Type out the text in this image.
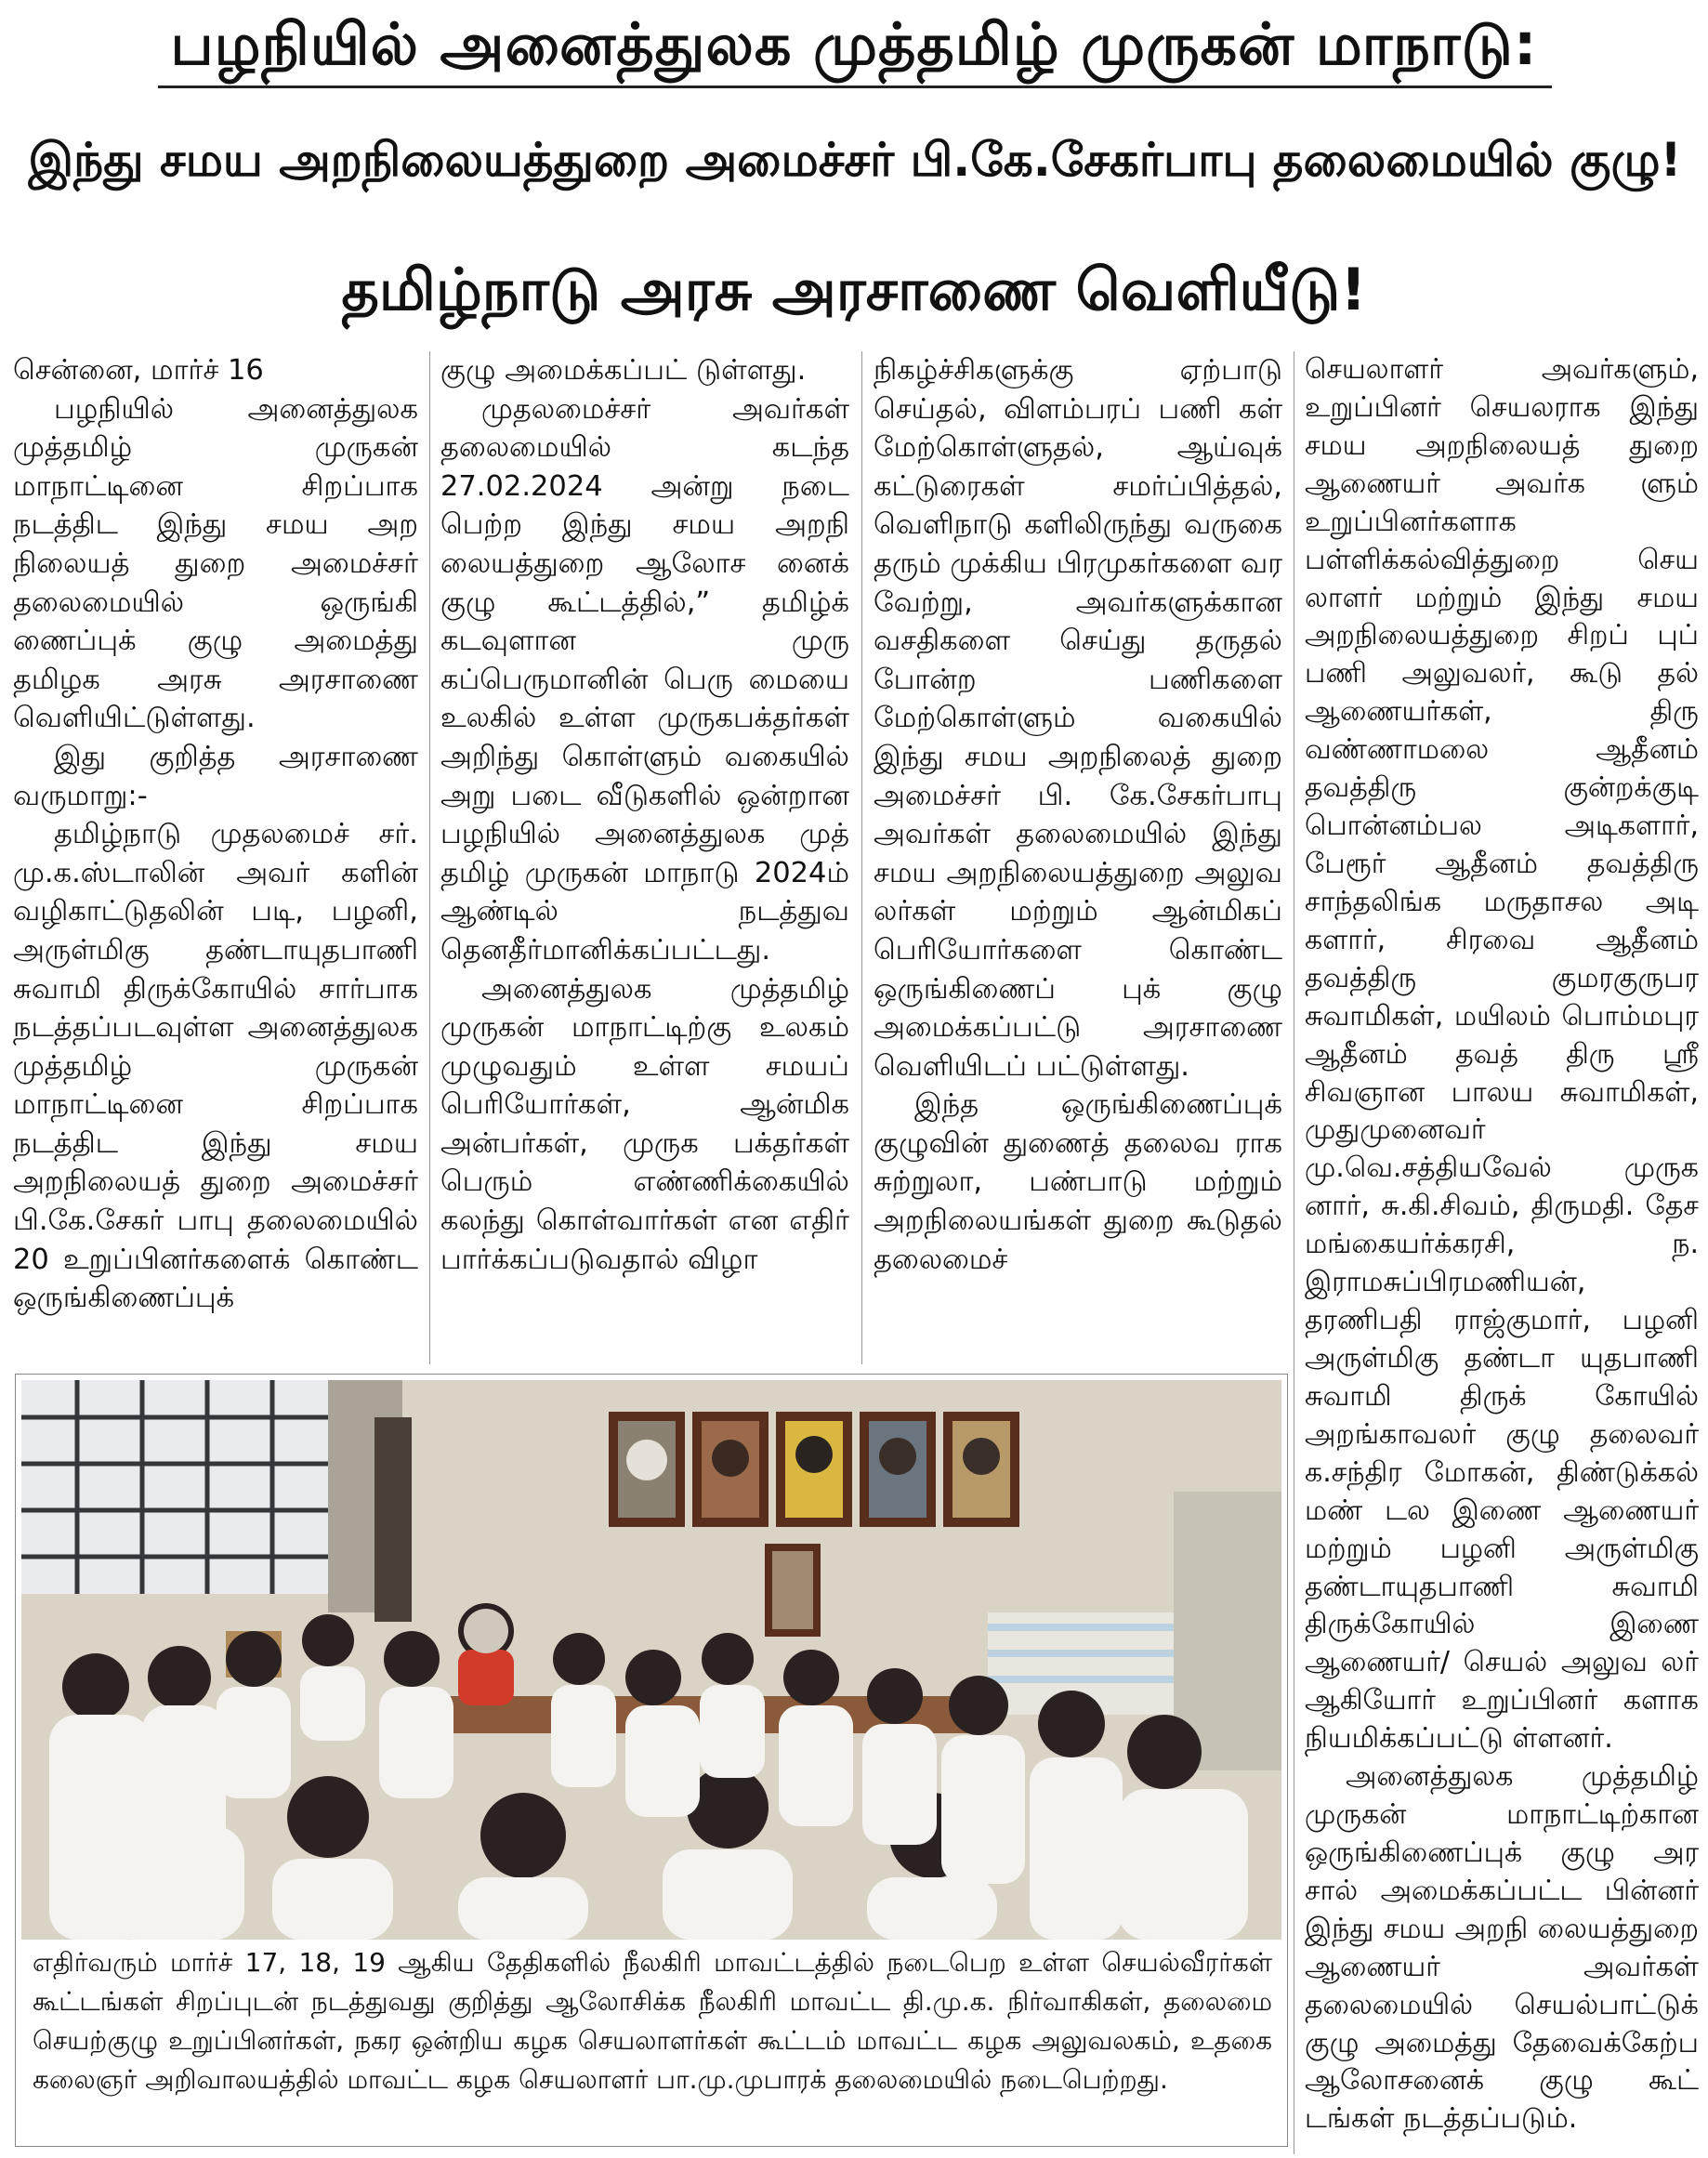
பழநியில் அனைத்துலக முத்தமிழ் முருகன் மாநாடு:
இந்து சமய அறநிலையத்துறை அமைச்சர் பி.கே.சேகர்பாபு தலைமையில் குழு!
தமிழ்நாடு அரசு அரசாணை வெளியீடு!

சென்னை, மார்ச் 16

பழநியில் அனைத்துலக முத்தமிழ் முருகன் மாநாட்டினை சிறப்பாக நடத்திட இந்து சமய அற நிலையத் துறை அமைச்சர் தலைமையில் ஒருங்கி ணைப்புக் குழு அமைத்து தமிழக அரசு அரசாணை வெளியிட்டுள்ளது.

இது குறித்த அரசாணை வருமாறு:-

தமிழ்நாடு முதலமைச் சர். மு.க.ஸ்டாலின் அவர் களின் வழிகாட்டுதலின் படி, பழனி, அருள்மிகு தண்டாயுதபாணி சுவாமி திருக்கோயில் சார்பாக நடத்தப்படவுள்ள அனைத்துலக முத்தமிழ் முருகன் மாநாட்டினை சிறப்பாக நடத்திட இந்து சமய அறநிலையத் துறை அமைச்சர் பி.கே.சேகர் பாபு தலைமையில் 20 உறுப்பினர்களைக் கொண்ட ஒருங்கிணைப்புக்

குழு அமைக்கப்பட் டுள்ளது.

முதலமைச்சர் அவர்கள் தலைமையில் கடந்த 27.02.2024 அன்று நடை பெற்ற இந்து சமய அறநி லையத்துறை ஆலோச னைக் குழு கூட்டத்தில்,” தமிழ்க் கடவுளான முரு கப்பெருமானின் பெரு மையை உலகில் உள்ள முருகபக்தர்கள் அறிந்து கொள்ளும் வகையில் அறு படை வீடுகளில் ஒன்றான பழநியில் அனைத்துலக முத் தமிழ் முருகன் மாநாடு 2024ம் ஆண்டில் நடத்துவ தெனதீர்மானிக்கப்பட்டது.

அனைத்துலக முத்தமிழ் முருகன் மாநாட்டிற்கு உலகம் முழுவதும் உள்ள சமயப் பெரியோர்கள், ஆன்மிக அன்பர்கள், முருக பக்தர்கள் பெரும் எண்ணிக்கையில் கலந்து கொள்வார்கள் என எதிர் பார்க்கப்படுவதால் விழா

நிகழ்ச்சிகளுக்கு ஏற்பாடு செய்தல், விளம்பரப் பணி கள் மேற்கொள்ளுதல், ஆய்வுக் கட்டுரைகள் சமர்ப்பித்தல், வெளிநாடு களிலிருந்து வருகை தரும் முக்கிய பிரமுகர்களை வர வேற்று, அவர்களுக்கான வசதிகளை செய்து தருதல் போன்ற பணிகளை மேற்கொள்ளும் வகையில் இந்து சமய அறநிலைத் துறை அமைச்சர் பி. கே.சேகர்பாபு அவர்கள் தலைமையில் இந்து சமய அறநிலையத்துறை அலுவ லர்கள் மற்றும் ஆன்மிகப் பெரியோர்களை கொண்ட ஒருங்கிணைப் புக் குழு அமைக்கப்பட்டு அரசாணை வெளியிடப் பட்டுள்ளது.

இந்த ஒருங்கிணைப்புக் குழுவின் துணைத் தலைவ ராக சுற்றுலா, பண்பாடு மற்றும் அறநிலையங்கள் துறை கூடுதல் தலைமைச்

செயலாளர் அவர்களும், உறுப்பினர் செயலராக இந்து சமய அறநிலையத் துறை ஆணையர் அவர்க ளும் உறுப்பினர்களாக பள்ளிக்கல்வித்துறை செய லாளர் மற்றும் இந்து சமய அறநிலையத்துறை சிறப் புப் பணி அலுவலர், கூடு தல் ஆணையர்கள், திரு வண்ணாமலை ஆதீனம் தவத்திரு குன்றக்குடி பொன்னம்பல அடிகளார், பேரூர் ஆதீனம் தவத்திரு சாந்தலிங்க மருதாசல அடி களார், சிரவை ஆதீனம் தவத்திரு குமரகுருபர சுவாமிகள், மயிலம் பொம்மபுர ஆதீனம் தவத் திரு ஸ்ரீ சிவஞான பாலய சுவாமிகள், முதுமுனைவர் மு.வெ.சத்தியவேல் முருக னார், சு.கி.சிவம், திருமதி. தேச மங்கையர்க்கரசி, ந. இராமசுப்பிரமணியன், தரணிபதி ராஜ்குமார், பழனி அருள்மிகு தண்டா யுதபாணி சுவாமி திருக் கோயில் அறங்காவலர் குழு தலைவர் க.சந்திர மோகன், திண்டுக்கல் மண் டல இணை ஆணையர் மற்றும் பழனி அருள்மிகு தண்டாயுதபாணி சுவாமி திருக்கோயில் இணை ஆணையர்/ செயல் அலுவ லர் ஆகியோர் உறுப்பினர் களாக நியமிக்கப்பட்டு ள்ளனர்.

அனைத்துலக முத்தமிழ் முருகன் மாநாட்டிற்கான ஒருங்கிணைப்புக் குழு அர சால் அமைக்கப்பட்ட பின்னர் இந்து சமய அறநி லையத்துறை ஆணையர் அவர்கள் தலைமையில் செயல்பாட்டுக் குழு அமைத்து தேவைக்கேற்ப ஆலோசனைக் குழு கூட் டங்கள் நடத்தப்படும்.

எதிர்வரும் மார்ச் 17, 18, 19 ஆகிய தேதிகளில் நீலகிரி மாவட்டத்தில் நடைபெற உள்ள செயல்வீரர்கள் கூட்டங்கள் சிறப்புடன் நடத்துவது குறித்து ஆலோசிக்க நீலகிரி மாவட்ட தி.மு.க. நிர்வாகிகள், தலைமை செயற்குழு உறுப்பினர்கள், நகர ஒன்றிய கழக செயலாளர்கள் கூட்டம் மாவட்ட கழக அலுவலகம், உதகை கலைஞர் அறிவாலயத்தில் மாவட்ட கழக செயலாளர் பா.மு.முபாரக் தலைமையில் நடைபெற்றது.
